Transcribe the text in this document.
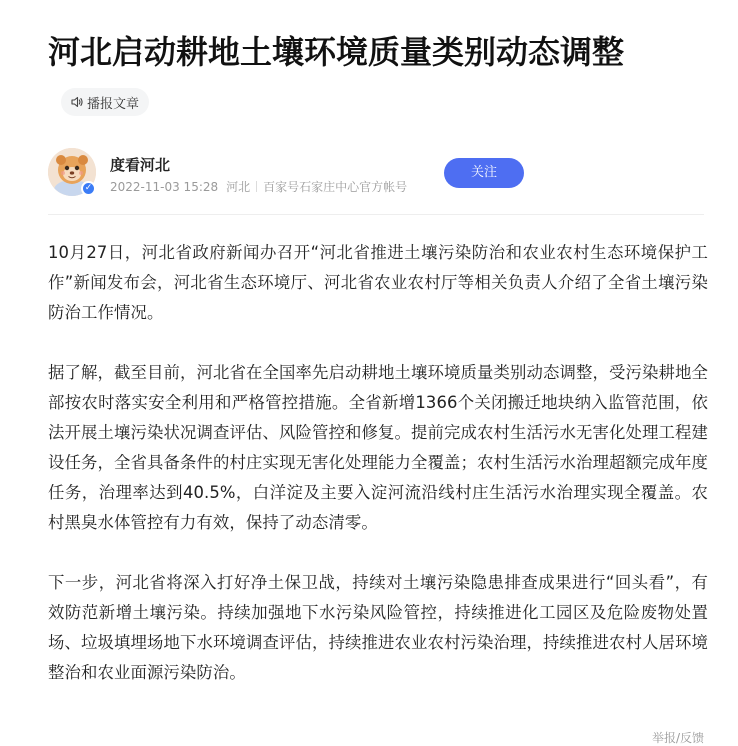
河北启动耕地土壤环境质量类别动态调整
播报文章
✓
度看河北
2022-11-03 15:28 河北 百家号石家庄中心官方帐号
关注

10月27日，河北省政府新闻办召开“河北省推进土壤污染防治和农业农村生态环境保护工作”新闻发布会，河北省生态环境厅、河北省农业农村厅等相关负责人介绍了全省土壤污染防治工作情况。

据了解，截至目前，河北省在全国率先启动耕地土壤环境质量类别动态调整，受污染耕地全部按农时落实安全利用和严格管控措施。全省新增1366个关闭搬迁地块纳入监管范围，依法开展土壤污染状况调查评估、风险管控和修复。提前完成农村生活污水无害化处理工程建设任务，全省具备条件的村庄实现无害化处理能力全覆盖；农村生活污水治理超额完成年度任务，治理率达到40.5%，白洋淀及主要入淀河流沿线村庄生活污水治理实现全覆盖。农村黑臭水体管控有力有效，保持了动态清零。

下一步，河北省将深入打好净土保卫战，持续对土壤污染隐患排查成果进行“回头看”，有效防范新增土壤污染。持续加强地下水污染风险管控，持续推进化工园区及危险废物处置场、垃圾填埋场地下水环境调查评估，持续推进农业农村污染治理，持续推进农村人居环境整治和农业面源污染防治。

举报/反馈
